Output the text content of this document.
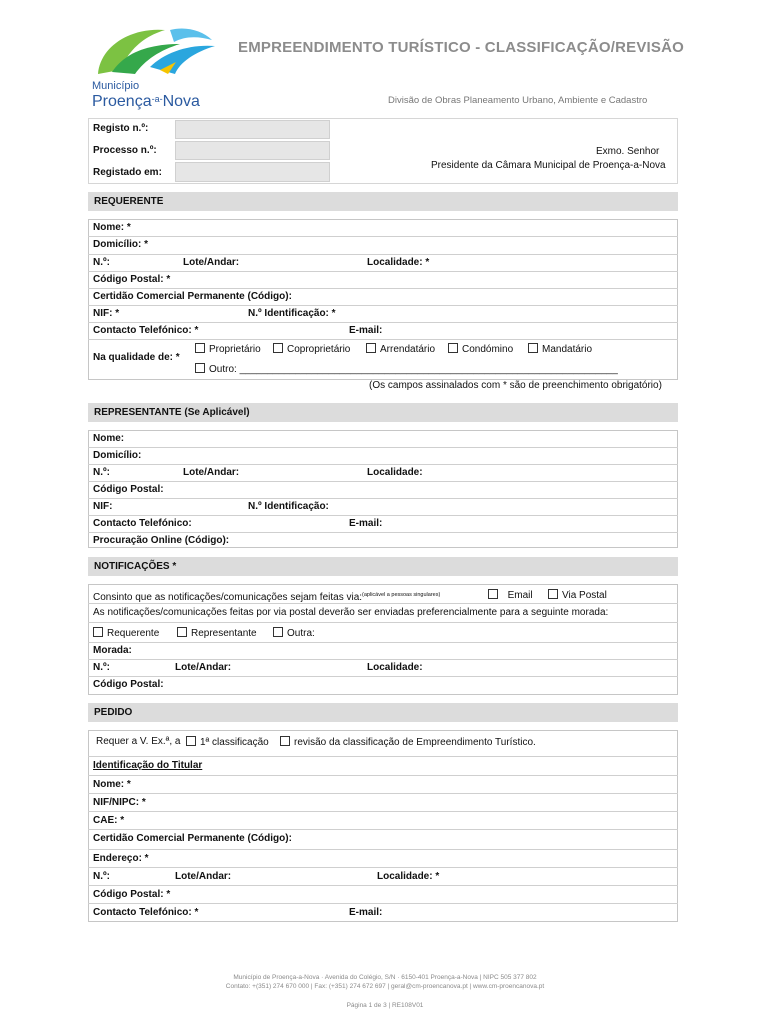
Município
Proença$^{-a-}$Nova
EMPREENDIMENTO TURÍSTICO - CLASSIFICAÇÃO/REVISÃO
Divisão de Obras Planeamento Urbano, Ambiente e Cadastro
Registo n.º:
Processo n.º:
Registado em:
Exmo. Senhor
Presidente da Câmara Municipal de Proença-a-Nova
REQUERENTE
Nome: *
Domicílio: *
N.º:	Lote/Andar:	Localidade: *
Código Postal: *
Certidão Comercial Permanente (Código):
NIF: *	N.º Identificação: *
Contacto Telefónico: *	E-mail:
Na qualidade de: *
Proprietário	Coproprietário	Arrendatário	Condómino	Mandatário
Outro: ____________________________________________________________________
(Os campos assinalados com * são de preenchimento obrigatório)
REPRESENTANTE (Se Aplicável)
Nome:
Domicílio:
N.º:	Lote/Andar:	Localidade:
Código Postal:
NIF:	N.º Identificação:
Contacto Telefónico:	E-mail:
Procuração Online (Código):
NOTIFICAÇÕES *
Consinto que as notificações/comunicações sejam feitas via:$^{(aplicável a pessoas singulares)}$	Email	Via Postal
As notificações/comunicações feitas por via postal deverão ser enviadas preferencialmente para a seguinte morada:
Requerente	Representante	Outra:
Morada:
N.º:	Lote/Andar:	Localidade:
Código Postal:
PEDIDO
Requer a V. Ex.ª, a	1ª classificação	revisão da classificação de Empreendimento Turístico.
Identificação do Titular
Nome: *
NIF/NIPC: *
CAE: *
Certidão Comercial Permanente (Código):
Endereço: *
N.º:	Lote/Andar:	Localidade: *
Código Postal: *
Contacto Telefónico: *	E-mail:
Município de Proença-a-Nova · Avenida do Colégio, S/N · 6150-401 Proença-a-Nova | NIPC 505 377 802
Contato: +(351) 274 670 000 | Fax: (+351) 274 672 697 | geral@cm-proencanova.pt | www.cm-proencanova.pt
Página 1 de 3 | RE108V01
